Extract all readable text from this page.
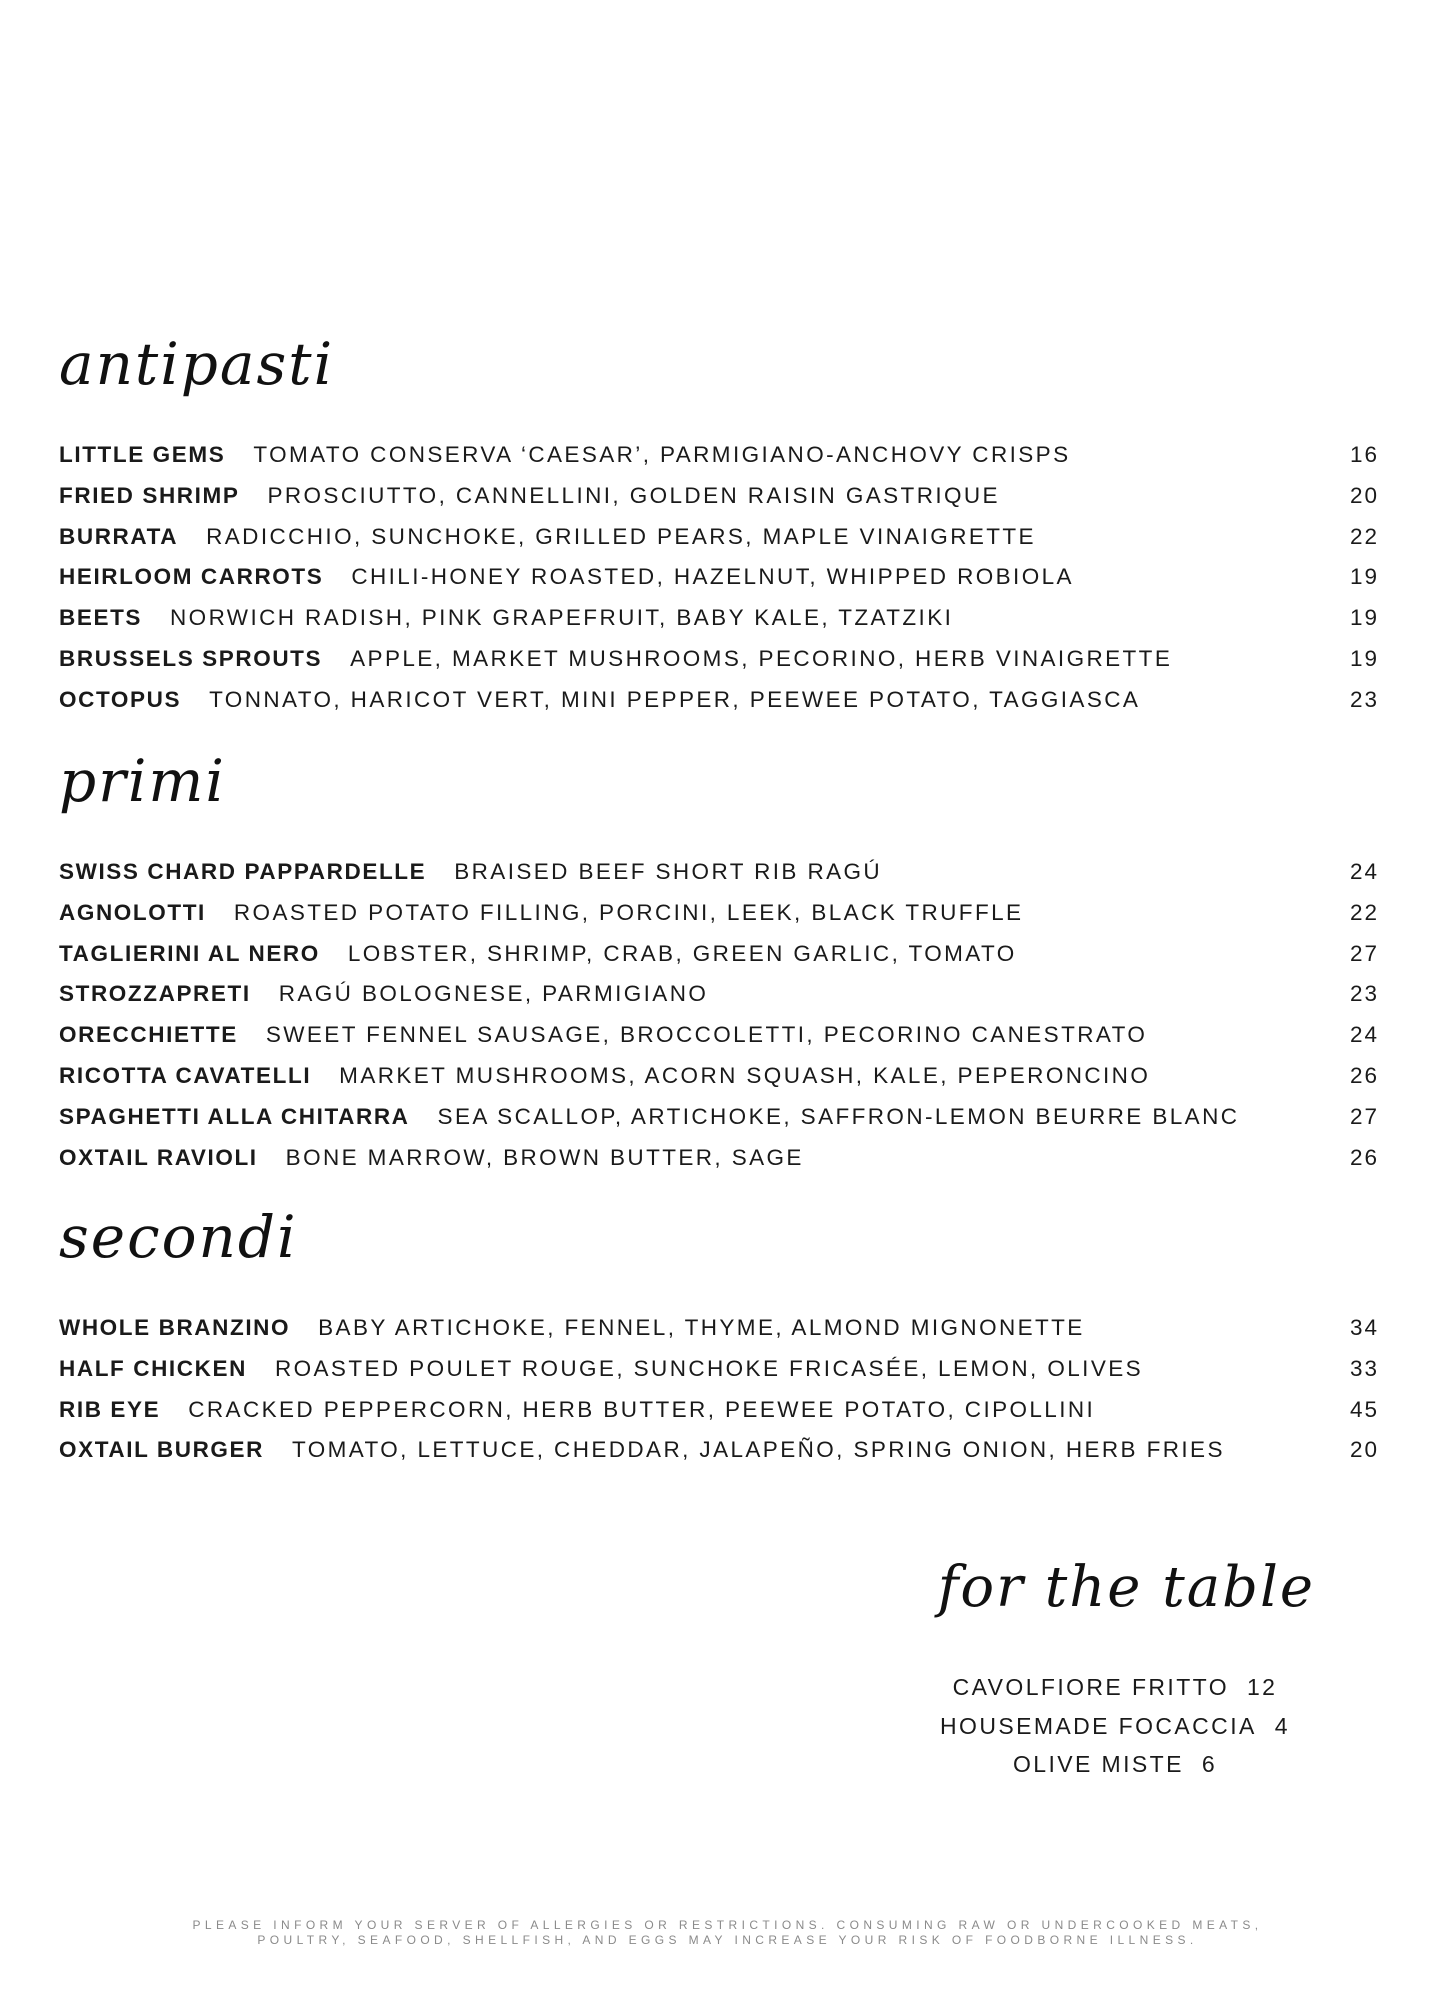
antipasti
LITTLE GEMS TOMATO CONSERVA ‘CAESAR’, PARMIGIANO-ANCHOVY CRISPS	16
FRIED SHRIMP PROSCIUTTO, CANNELLINI, GOLDEN RAISIN GASTRIQUE	20
BURRATA RADICCHIO, SUNCHOKE, GRILLED PEARS, MAPLE VINAIGRETTE	22
HEIRLOOM CARROTS CHILI-HONEY ROASTED, HAZELNUT, WHIPPED ROBIOLA	19
BEETS NORWICH RADISH, PINK GRAPEFRUIT, BABY KALE, TZATZIKI	19
BRUSSELS SPROUTS APPLE, MARKET MUSHROOMS, PECORINO, HERB VINAIGRETTE	19
OCTOPUS TONNATO, HARICOT VERT, MINI PEPPER, PEEWEE POTATO, TAGGIASCA	23
primi
SWISS CHARD PAPPARDELLE BRAISED BEEF SHORT RIB RAGÚ	24
AGNOLOTTI ROASTED POTATO FILLING, PORCINI, LEEK, BLACK TRUFFLE	22
TAGLIERINI AL NERO LOBSTER, SHRIMP, CRAB, GREEN GARLIC, TOMATO	27
STROZZAPRETI RAGÚ BOLOGNESE, PARMIGIANO	23
ORECCHIETTE SWEET FENNEL SAUSAGE, BROCCOLETTI, PECORINO CANESTRATO	24
RICOTTA CAVATELLI MARKET MUSHROOMS, ACORN SQUASH, KALE, PEPERONCINO	26
SPAGHETTI ALLA CHITARRA SEA SCALLOP, ARTICHOKE, SAFFRON-LEMON BEURRE BLANC	27
OXTAIL RAVIOLI BONE MARROW, BROWN BUTTER, SAGE	26
secondi
WHOLE BRANZINO BABY ARTICHOKE, FENNEL, THYME, ALMOND MIGNONETTE	34
HALF CHICKEN ROASTED POULET ROUGE, SUNCHOKE FRICASÉE, LEMON, OLIVES	33
RIB EYE CRACKED PEPPERCORN, HERB BUTTER, PEEWEE POTATO, CIPOLLINI	45
OXTAIL BURGER TOMATO, LETTUCE, CHEDDAR, JALAPEÑO, SPRING ONION, HERB FRIES	20
for the table
CAVOLFIORE FRITTO 12
HOUSEMADE FOCACCIA 4
OLIVE MISTE 6
PLEASE INFORM YOUR SERVER OF ALLERGIES OR RESTRICTIONS. CONSUMING RAW OR UNDERCOOKED MEATS,
POULTRY, SEAFOOD, SHELLFISH, AND EGGS MAY INCREASE YOUR RISK OF FOODBORNE ILLNESS.
